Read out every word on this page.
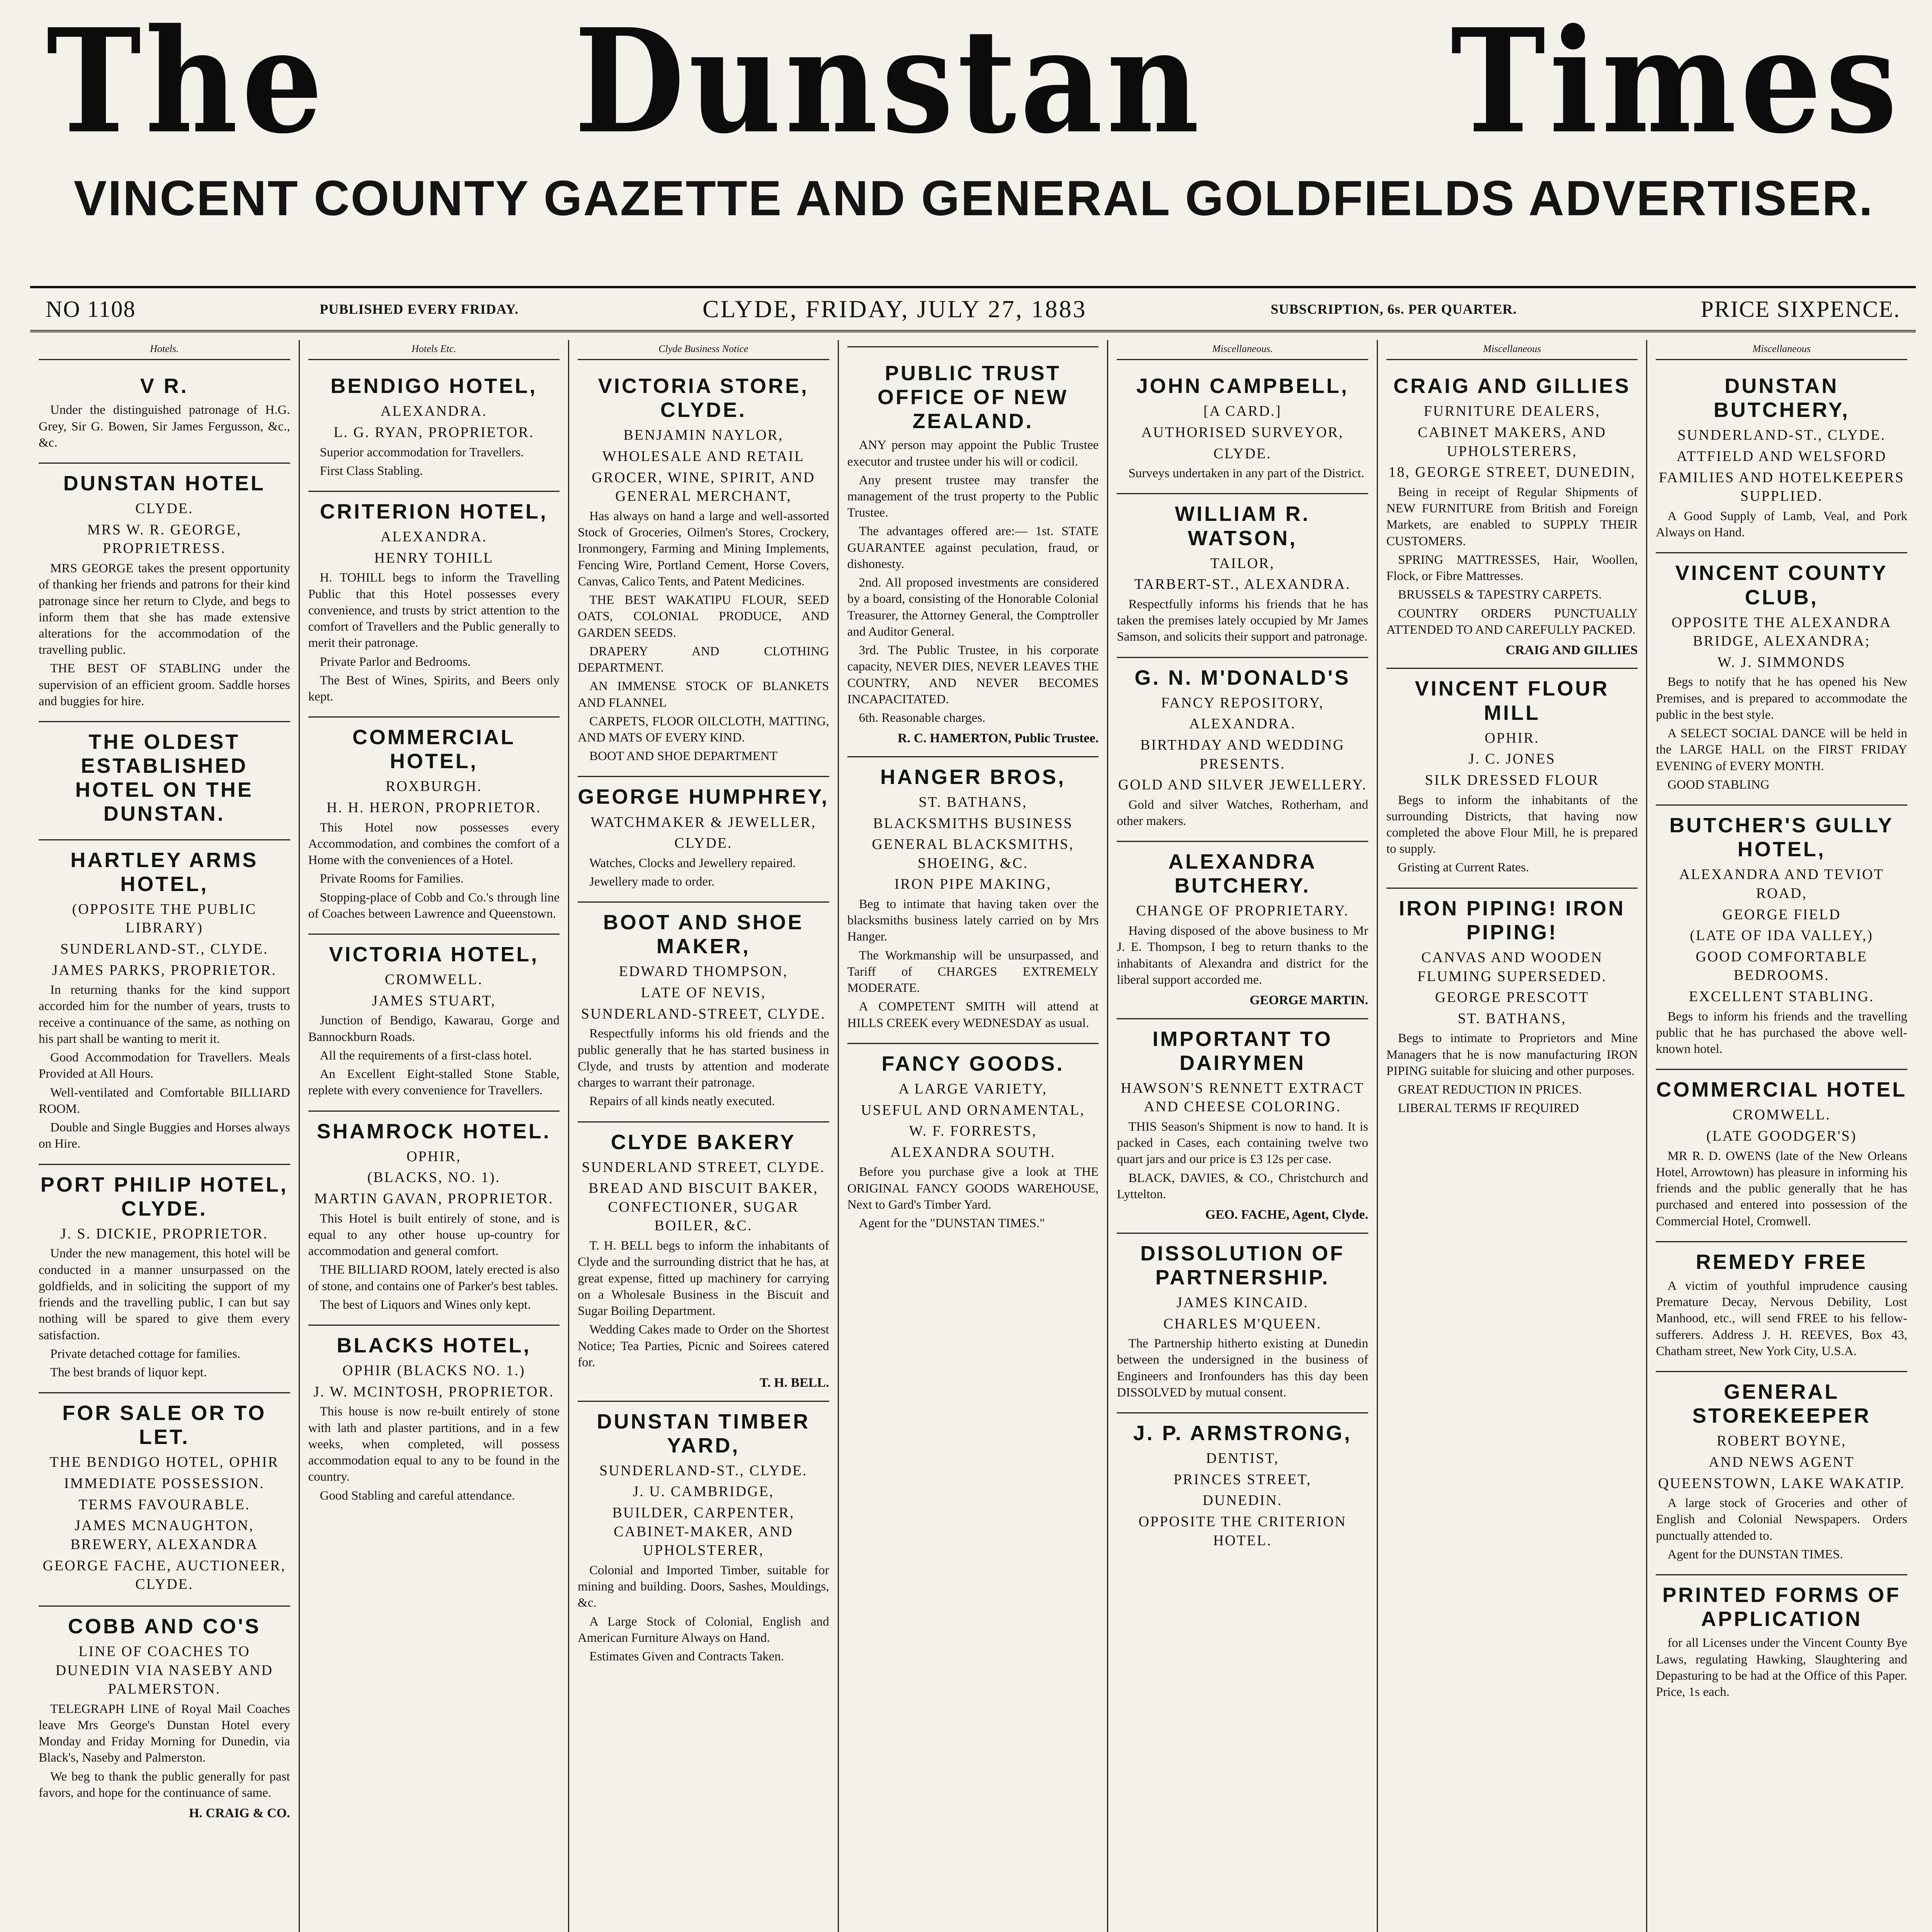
The Dunstan Times
VINCENT COUNTY GAZETTE AND GENERAL GOLDFIELDS ADVERTISER.
NO 1108	PUBLISHED EVERY FRIDAY.	CLYDE, FRIDAY, JULY 27, 1883	SUBSCRIPTION, 6s. PER QUARTER.	PRICE SIXPENCE.
Hotels.
V R.
Under the distinguished patronage of H.G. Grey, Sir G. Bowen, Sir James Fergusson, &c., &c.
DUNSTAN HOTEL
CLYDE.
MRS W. R. GEORGE, PROPRIETRESS.
MRS GEORGE takes the present opportunity of thanking her friends and patrons for their kind patronage since her return to Clyde, and begs to inform them that she has made extensive alterations for the accommodation of the travelling public.
THE BEST OF STABLING under the supervision of an efficient groom. Saddle horses and buggies for hire.
THE OLDEST ESTABLISHED HOTEL ON THE DUNSTAN.
HARTLEY ARMS HOTEL,
(OPPOSITE THE PUBLIC LIBRARY)
SUNDERLAND-ST., CLYDE.
JAMES PARKS, PROPRIETOR.
In returning thanks for the kind support accorded him for the number of years, trusts to receive a continuance of the same, as nothing on his part shall be wanting to merit it.
Good Accommodation for Travellers. Meals Provided at All Hours.
Well-ventilated and Comfortable BILLIARD ROOM.
Double and Single Buggies and Horses always on Hire.
PORT PHILIP HOTEL, CLYDE.
J. S. DICKIE, PROPRIETOR.
Under the new management, this hotel will be conducted in a manner unsurpassed on the goldfields, and in soliciting the support of my friends and the travelling public, I can but say nothing will be spared to give them every satisfaction.
Private detached cottage for families.
The best brands of liquor kept.
FOR SALE OR TO LET.
THE BENDIGO HOTEL, OPHIR
IMMEDIATE POSSESSION.
TERMS FAVOURABLE.
JAMES MCNAUGHTON, BREWERY, ALEXANDRA
GEORGE FACHE, AUCTIONEER, CLYDE.
COBB AND CO'S
LINE OF COACHES TO DUNEDIN VIA NASEBY AND PALMERSTON.
TELEGRAPH LINE of Royal Mail Coaches leave Mrs George's Dunstan Hotel every Monday and Friday Morning for Dunedin, via Black's, Naseby and Palmerston.
We beg to thank the public generally for past favors, and hope for the continuance of same.
H. CRAIG & CO.
Hotels Etc.
BENDIGO HOTEL,
ALEXANDRA.
L. G. RYAN, PROPRIETOR.
Superior accommodation for Travellers.
First Class Stabling.
CRITERION HOTEL,
ALEXANDRA.
HENRY TOHILL
H. TOHILL begs to inform the Travelling Public that this Hotel possesses every convenience, and trusts by strict attention to the comfort of Travellers and the Public generally to merit their patronage.
Private Parlor and Bedrooms.
The Best of Wines, Spirits, and Beers only kept.
COMMERCIAL HOTEL,
ROXBURGH.
H. H. HERON, PROPRIETOR.
This Hotel now possesses every Accommodation, and combines the comfort of a Home with the conveniences of a Hotel.
Private Rooms for Families.
Stopping-place of Cobb and Co.'s through line of Coaches between Lawrence and Queenstown.
VICTORIA HOTEL,
CROMWELL.
JAMES STUART,
Junction of Bendigo, Kawarau, Gorge and Bannockburn Roads.
All the requirements of a first-class hotel.
An Excellent Eight-stalled Stone Stable, replete with every convenience for Travellers.
SHAMROCK HOTEL.
OPHIR,
(BLACKS, NO. 1).
MARTIN GAVAN, PROPRIETOR.
This Hotel is built entirely of stone, and is equal to any other house up-country for accommodation and general comfort.
THE BILLIARD ROOM, lately erected is also of stone, and contains one of Parker's best tables.
The best of Liquors and Wines only kept.
BLACKS HOTEL,
OPHIR (BLACKS NO. 1.)
J. W. MCINTOSH, PROPRIETOR.
This house is now re-built entirely of stone with lath and plaster partitions, and in a few weeks, when completed, will possess accommodation equal to any to be found in the country.
Good Stabling and careful attendance.
Clyde Business Notice
VICTORIA STORE, CLYDE.
BENJAMIN NAYLOR,
WHOLESALE AND RETAIL
GROCER, WINE, SPIRIT, AND GENERAL MERCHANT,
Has always on hand a large and well-assorted Stock of Groceries, Oilmen's Stores, Crockery, Ironmongery, Farming and Mining Implements, Fencing Wire, Portland Cement, Horse Covers, Canvas, Calico Tents, and Patent Medicines.
THE BEST WAKATIPU FLOUR, SEED OATS, COLONIAL PRODUCE, AND GARDEN SEEDS.
DRAPERY AND CLOTHING DEPARTMENT.
AN IMMENSE STOCK OF BLANKETS AND FLANNEL
CARPETS, FLOOR OILCLOTH, MATTING, AND MATS OF EVERY KIND.
BOOT AND SHOE DEPARTMENT
GEORGE HUMPHREY,
WATCHMAKER & JEWELLER,
CLYDE.
Watches, Clocks and Jewellery repaired.
Jewellery made to order.
BOOT AND SHOE MAKER,
EDWARD THOMPSON,
LATE OF NEVIS,
SUNDERLAND-STREET, CLYDE.
Respectfully informs his old friends and the public generally that he has started business in Clyde, and trusts by attention and moderate charges to warrant their patronage.
Repairs of all kinds neatly executed.
CLYDE BAKERY
SUNDERLAND STREET, CLYDE.
BREAD AND BISCUIT BAKER, CONFECTIONER, SUGAR BOILER, &C.
T. H. BELL begs to inform the inhabitants of Clyde and the surrounding district that he has, at great expense, fitted up machinery for carrying on a Wholesale Business in the Biscuit and Sugar Boiling Department.
Wedding Cakes made to Order on the Shortest Notice; Tea Parties, Picnic and Soirees catered for.
T. H. BELL.
DUNSTAN TIMBER YARD,
SUNDERLAND-ST., CLYDE.
J. U. CAMBRIDGE,
BUILDER, CARPENTER, CABINET-MAKER, AND UPHOLSTERER,
Colonial and Imported Timber, suitable for mining and building. Doors, Sashes, Mouldings, &c.
A Large Stock of Colonial, English and American Furniture Always on Hand.
Estimates Given and Contracts Taken.
PUBLIC TRUST OFFICE OF NEW ZEALAND.
ANY person may appoint the Public Trustee executor and trustee under his will or codicil.
Any present trustee may transfer the management of the trust property to the Public Trustee.
The advantages offered are:— 1st. STATE GUARANTEE against peculation, fraud, or dishonesty.
2nd. All proposed investments are considered by a board, consisting of the Honorable Colonial Treasurer, the Attorney General, the Comptroller and Auditor General.
3rd. The Public Trustee, in his corporate capacity, NEVER DIES, NEVER LEAVES THE COUNTRY, AND NEVER BECOMES INCAPACITATED.
6th. Reasonable charges.
R. C. HAMERTON, Public Trustee.
HANGER BROS,
ST. BATHANS,
BLACKSMITHS BUSINESS
GENERAL BLACKSMITHS, SHOEING, &C.
IRON PIPE MAKING,
Beg to intimate that having taken over the blacksmiths business lately carried on by Mrs Hanger.
The Workmanship will be unsurpassed, and Tariff of CHARGES EXTREMELY MODERATE.
A COMPETENT SMITH will attend at HILLS CREEK every WEDNESDAY as usual.
FANCY GOODS.
A LARGE VARIETY,
USEFUL AND ORNAMENTAL,
W. F. FORRESTS,
ALEXANDRA SOUTH.
Before you purchase give a look at THE ORIGINAL FANCY GOODS WAREHOUSE, Next to Gard's Timber Yard.
Agent for the "DUNSTAN TIMES."
Miscellaneous.
JOHN CAMPBELL,
[A CARD.]
AUTHORISED SURVEYOR,
CLYDE.
Surveys undertaken in any part of the District.
WILLIAM R. WATSON,
TAILOR,
TARBERT-ST., ALEXANDRA.
Respectfully informs his friends that he has taken the premises lately occupied by Mr James Samson, and solicits their support and patronage.
G. N. M'DONALD'S
FANCY REPOSITORY,
ALEXANDRA.
BIRTHDAY AND WEDDING PRESENTS.
GOLD AND SILVER JEWELLERY.
Gold and silver Watches, Rotherham, and other makers.
ALEXANDRA BUTCHERY.
CHANGE OF PROPRIETARY.
Having disposed of the above business to Mr J. E. Thompson, I beg to return thanks to the inhabitants of Alexandra and district for the liberal support accorded me.
GEORGE MARTIN.
IMPORTANT TO DAIRYMEN
HAWSON'S RENNETT EXTRACT AND CHEESE COLORING.
THIS Season's Shipment is now to hand. It is packed in Cases, each containing twelve two quart jars and our price is £3 12s per case.
BLACK, DAVIES, & CO., Christchurch and Lyttelton.
GEO. FACHE, Agent, Clyde.
DISSOLUTION OF PARTNERSHIP.
JAMES KINCAID.
CHARLES M'QUEEN.
The Partnership hitherto existing at Dunedin between the undersigned in the business of Engineers and Ironfounders has this day been DISSOLVED by mutual consent.
J. P. ARMSTRONG,
DENTIST,
PRINCES STREET,
DUNEDIN.
OPPOSITE THE CRITERION HOTEL.
Miscellaneous
CRAIG AND GILLIES
FURNITURE DEALERS,
CABINET MAKERS, AND UPHOLSTERERS,
18, GEORGE STREET, DUNEDIN,
Being in receipt of Regular Shipments of NEW FURNITURE from British and Foreign Markets, are enabled to SUPPLY THEIR CUSTOMERS.
SPRING MATTRESSES, Hair, Woollen, Flock, or Fibre Mattresses.
BRUSSELS & TAPESTRY CARPETS.
COUNTRY ORDERS PUNCTUALLY ATTENDED TO AND CAREFULLY PACKED.
CRAIG AND GILLIES
VINCENT FLOUR MILL
OPHIR.
J. C. JONES
SILK DRESSED FLOUR
Begs to inform the inhabitants of the surrounding Districts, that having now completed the above Flour Mill, he is prepared to supply.
Gristing at Current Rates.
IRON PIPING! IRON PIPING!
CANVAS AND WOODEN FLUMING SUPERSEDED.
GEORGE PRESCOTT
ST. BATHANS,
Begs to intimate to Proprietors and Mine Managers that he is now manufacturing IRON PIPING suitable for sluicing and other purposes.
GREAT REDUCTION IN PRICES.
LIBERAL TERMS IF REQUIRED
Miscellaneous
DUNSTAN BUTCHERY,
SUNDERLAND-ST., CLYDE.
ATTFIELD AND WELSFORD
FAMILIES AND HOTELKEEPERS SUPPLIED.
A Good Supply of Lamb, Veal, and Pork Always on Hand.
VINCENT COUNTY CLUB,
OPPOSITE THE ALEXANDRA BRIDGE, ALEXANDRA;
W. J. SIMMONDS
Begs to notify that he has opened his New Premises, and is prepared to accommodate the public in the best style.
A SELECT SOCIAL DANCE will be held in the LARGE HALL on the FIRST FRIDAY EVENING of EVERY MONTH.
GOOD STABLING
BUTCHER'S GULLY HOTEL,
ALEXANDRA AND TEVIOT ROAD,
GEORGE FIELD
(LATE OF IDA VALLEY,)
GOOD COMFORTABLE BEDROOMS.
EXCELLENT STABLING.
Begs to inform his friends and the travelling public that he has purchased the above well-known hotel.
COMMERCIAL HOTEL
CROMWELL.
(LATE GOODGER'S)
MR R. D. OWENS (late of the New Orleans Hotel, Arrowtown) has pleasure in informing his friends and the public generally that he has purchased and entered into possession of the Commercial Hotel, Cromwell.
REMEDY FREE
A victim of youthful imprudence causing Premature Decay, Nervous Debility, Lost Manhood, etc., will send FREE to his fellow-sufferers. Address J. H. REEVES, Box 43, Chatham street, New York City, U.S.A.
GENERAL STOREKEEPER
ROBERT BOYNE,
AND NEWS AGENT
QUEENSTOWN, LAKE WAKATIP.
A large stock of Groceries and other of English and Colonial Newspapers. Orders punctually attended to.
Agent for the DUNSTAN TIMES.
PRINTED FORMS OF APPLICATION
for all Licenses under the Vincent County Bye Laws, regulating Hawking, Slaughtering and Depasturing to be had at the Office of this Paper. Price, 1s each.
